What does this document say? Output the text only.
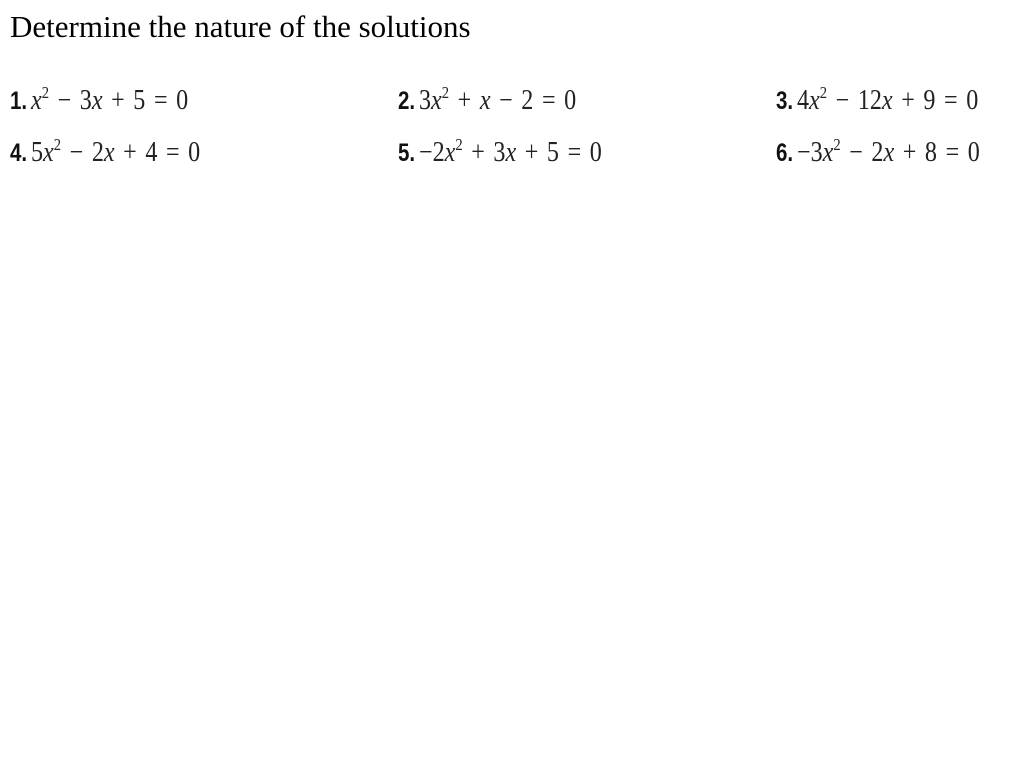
Determine the nature of the solutions
1. $x^2 - 3x + 5 = 0$	2. $3x^2 + x - 2 = 0$	3. $4x^2 - 12x + 9 = 0$
4. $5x^2 - 2x + 4 = 0$	5. $-2x^2 + 3x + 5 = 0$	6. $-3x^2 - 2x + 8 = 0$
